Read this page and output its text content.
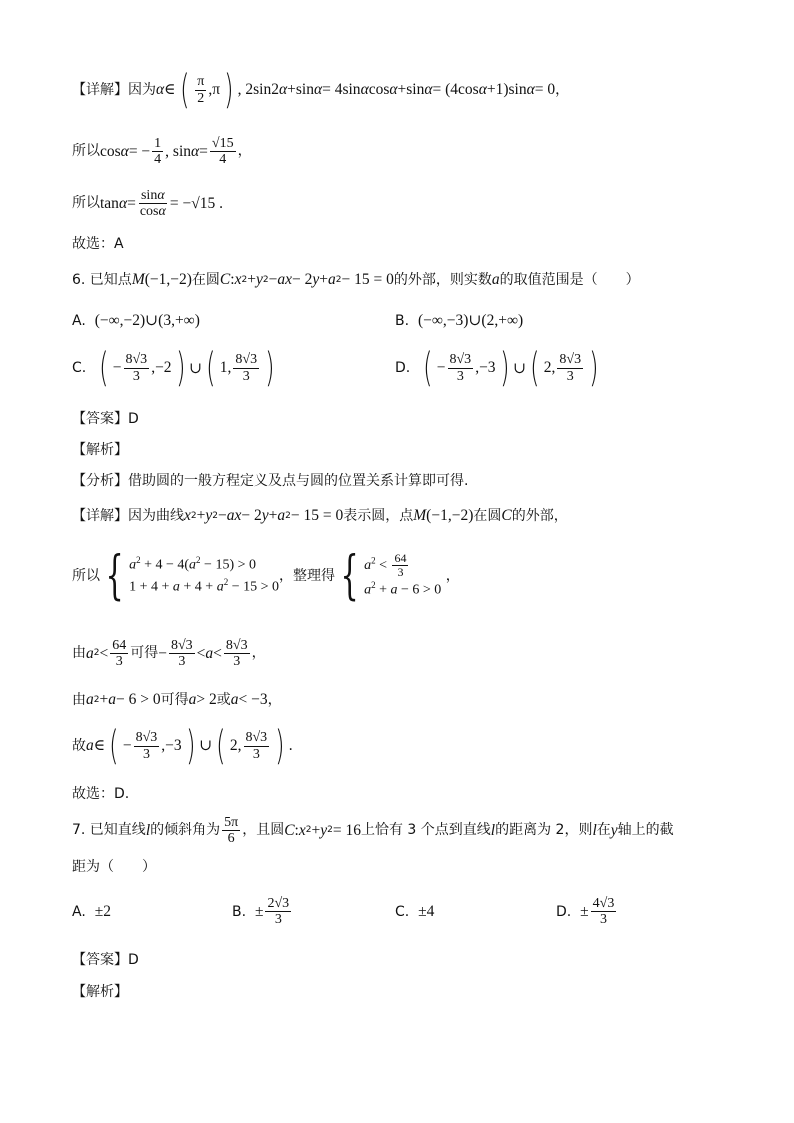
【详解】因为 α ∈ ( $\frac{\pi}{2} ,\pi$ ) , 2sin2 α +sin α = 4sin α cos α +sin α = (4cos α +1)sin α = 0 ，
所以 cos α = − $\frac{1}{4}$ , $\sin \alpha = \frac{√15}{4}$ ，
所以 $\tan \alpha = \frac{\sin\alpha}{\cos\alpha} = -√15$ .
故选：A
6. 已知点 M (−1,−2) 在圆 C : x 2 + y 2 − ax − 2 y + a 2 − 15 = 0 的外部，则实数 a 的取值范围是（　　）
A. (−∞,−2)∪(3,+∞)	B. (−∞,−3)∪(2,+∞)
C. ( − $\frac{8√3}{3} ,-2$ ) ∪ ( 1, $\frac{8√3}{3}$ )	D. ( − $\frac{8√3}{3} ,-3$ ) ∪ ( 2, $\frac{8√3}{3}$ )
【答案】D
【解析】
【分析】借助圆的一般方程定义及点与圆的位置关系计算即可得.
【详解】因为曲线 x 2 + y 2 − ax − 2 y + a 2 − 15 = 0 表示圆，点 M (−1,−2) 在圆 C 的外部，
所以 { $a^2 + 4 - 4(a^2 - 15) > 0$
$1 + 4 + a + 4 + a^2 - 15 > 0$
，整理得 { $a^2 < \frac{64}{3}$
$a^2 + a - 6 > 0$
，
由 a $2 < \frac{64}{3}$ 可得 − $\frac{8√3}{3} < a < \frac{8√3}{3}$ ，
由 a 2 + a − 6 > 0 可得 a > 2 或 a < −3 ，
故 a ∈ ( − $\frac{8√3}{3} ,-3$ ) ∪ ( 2, $\frac{8√3}{3}$ ) .
故选：D.
7. 已知直线 l 的倾斜角为 $\frac{5\pi}{6}$ ，且圆 C : x 2 + y 2 = 16 上恰有 3 个点到直线 l 的距离为 2，则 l 在 y 轴上的截
距为（　　）
A. ±2	B. ± $\frac{2√3}{3}$	C. ±4	D. ± $\frac{4√3}{3}$
【答案】D
【解析】
